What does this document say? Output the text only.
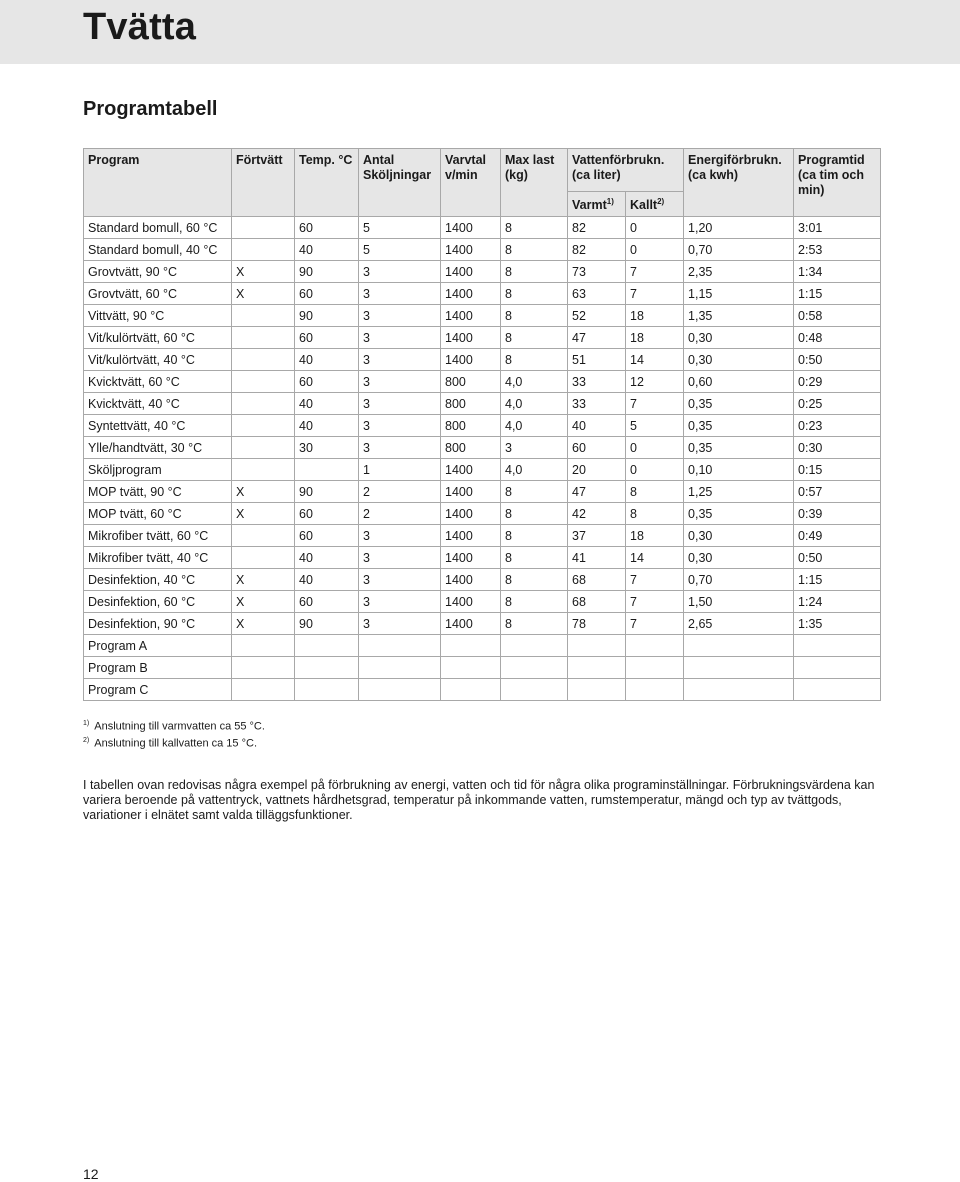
Tvätta
Programtabell
Program	Förtvätt	Temp. °C	Antal Sköljningar	Varvtal v/min	Max last (kg)	Vattenförbrukn. (ca liter)		Energiförbrukn. (ca kwh)	Programtid (ca tim och min)
						Varmt$^{1)}$	Kallt$^{2)}$
Standard bomull, 60 °C		60	5	1400	8	82	0	1,20	3:01
Standard bomull, 40 °C		40	5	1400	8	82	0	0,70	2:53
Grovtvätt, 90 °C	X	90	3	1400	8	73	7	2,35	1:34
Grovtvätt, 60 °C	X	60	3	1400	8	63	7	1,15	1:15
Vittvätt, 90 °C		90	3	1400	8	52	18	1,35	0:58
Vit/kulörtvätt, 60 °C		60	3	1400	8	47	18	0,30	0:48
Vit/kulörtvätt, 40 °C		40	3	1400	8	51	14	0,30	0:50
Kvicktvätt, 60 °C		60	3	800	4,0	33	12	0,60	0:29
Kvicktvätt, 40 °C		40	3	800	4,0	33	7	0,35	0:25
Syntettvätt, 40 °C		40	3	800	4,0	40	5	0,35	0:23
Ylle/handtvätt, 30 °C		30	3	800	3	60	0	0,35	0:30
Sköljprogram			1	1400	4,0	20	0	0,10	0:15
MOP tvätt, 90 °C	X	90	2	1400	8	47	8	1,25	0:57
MOP tvätt, 60 °C	X	60	2	1400	8	42	8	0,35	0:39
Mikrofiber tvätt, 60 °C		60	3	1400	8	37	18	0,30	0:49
Mikrofiber tvätt, 40 °C		40	3	1400	8	41	14	0,30	0:50
Desinfektion, 40 °C	X	40	3	1400	8	68	7	0,70	1:15
Desinfektion, 60 °C	X	60	3	1400	8	68	7	1,50	1:24
Desinfektion, 90 °C	X	90	3	1400	8	78	7	2,65	1:35
Program A									
Program B									
Program C									
$^{1)}$ Anslutning till varmvatten ca 55 °C.
$^{2)}$ Anslutning till kallvatten ca 15 °C.

I tabellen ovan redovisas några exempel på förbrukning av energi, vatten och tid för några olika programinställningar. Förbrukningsvärdena kan variera beroende på vattentryck, vattnets hårdhetsgrad, temperatur på inkommande vatten, rumstemperatur, mängd och typ av tvättgods, variationer i elnätet samt valda tilläggsfunktioner.

12
